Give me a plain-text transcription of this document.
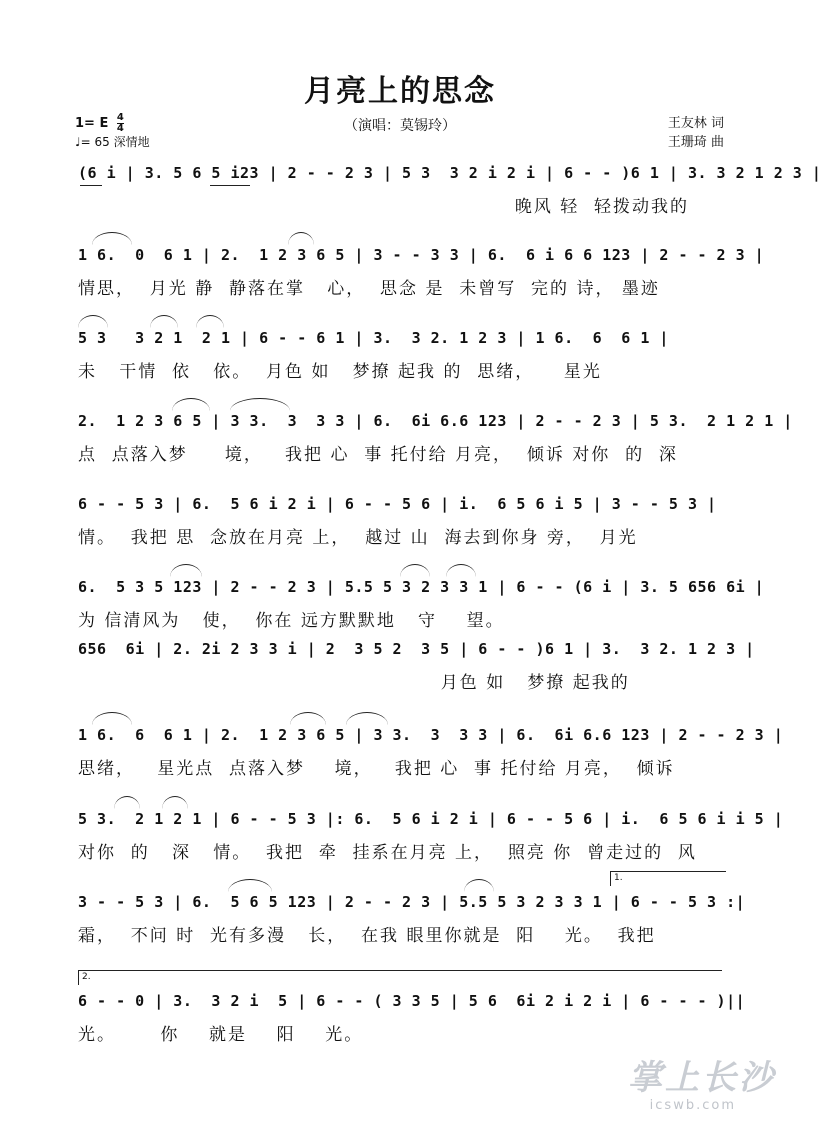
月亮上的思念
（演唱：莫锡玲）
1= E $\frac{4}{4}$
♩= 65 深情地
王友林 词
王珊琦 曲
(6 i | 3. 5 6 5 i23 | 2 - - 2 3 | 5 3  3 2 i 2 i | 6 - - )6 1 | 3. 3 2 1 2 3 |
晚风 轻  轻拨动我的
1 6.  0  6 1 | 2.  1 2 3 6 5 | 3 - - 3 3 | 6.  6 i 6 6 123 | 2 - - 2 3 |
情思，  月光 静  静落在掌   心，  思念 是  未曾写  完的 诗， 墨迹
5 3   3 2 1  2 1 | 6 - - 6 1 | 3.  3 2. 1 2 3 | 1 6.  6  6 1 |
未   干情  依   依。  月色 如   梦撩 起我 的  思绪，    星光
2.  1 2 3 6 5 | 3 3.  3  3 3 | 6.  6i 6.6 123 | 2 - - 2 3 | 5 3.  2 1 2 1 |
点  点落入梦     境，   我把 心  事 托付给 月亮，  倾诉 对你  的  深
6 - - 5 3 | 6.  5 6 i 2 i | 6 - - 5 6 | i.  6 5 6 i 5 | 3 - - 5 3 |
情。  我把 思  念放在月亮 上，  越过 山  海去到你身 旁，  月光
6.  5 3 5 123 | 2 - - 2 3 | 5.5 5 3 2 3 3 1 | 6 - - (6 i | 3. 5 656 6i |
为 信清风为   使，  你在 远方默默地   守    望。
656  6i | 2. 2i 2 3 3 i | 2  3 5 2  3 5 | 6 - - )6 1 | 3.  3 2. 1 2 3 |
月色 如   梦撩 起我的
1 6.  6  6 1 | 2.  1 2 3 6 5 | 3 3.  3  3 3 | 6.  6i 6.6 123 | 2 - - 2 3 |
思绪，   星光点  点落入梦    境，   我把 心  事 托付给 月亮，  倾诉
5 3.  2 1 2 1 | 6 - - 5 3 |: 6.  5 6 i 2 i | 6 - - 5 6 | i.  6 5 6 i i 5 |
对你  的   深   情。  我把  牵  挂系在月亮 上，  照亮 你  曾走过的  风
3 - - 5 3 | 6.  5 6 5 123 | 2 - - 2 3 | 5.5 5 3 2 3 3 1 | 6 - - 5 3 :|
霜，  不问 时  光有多漫   长，  在我 眼里你就是  阳    光。  我把
1.
6 - - 0 | 3.  3 2 i  5 | 6 - - ( 3 3 5 | 5 6  6i 2 i 2 i | 6 - - - )||
光。      你    就是    阳    光。
2.
掌上长沙
icswb.com
